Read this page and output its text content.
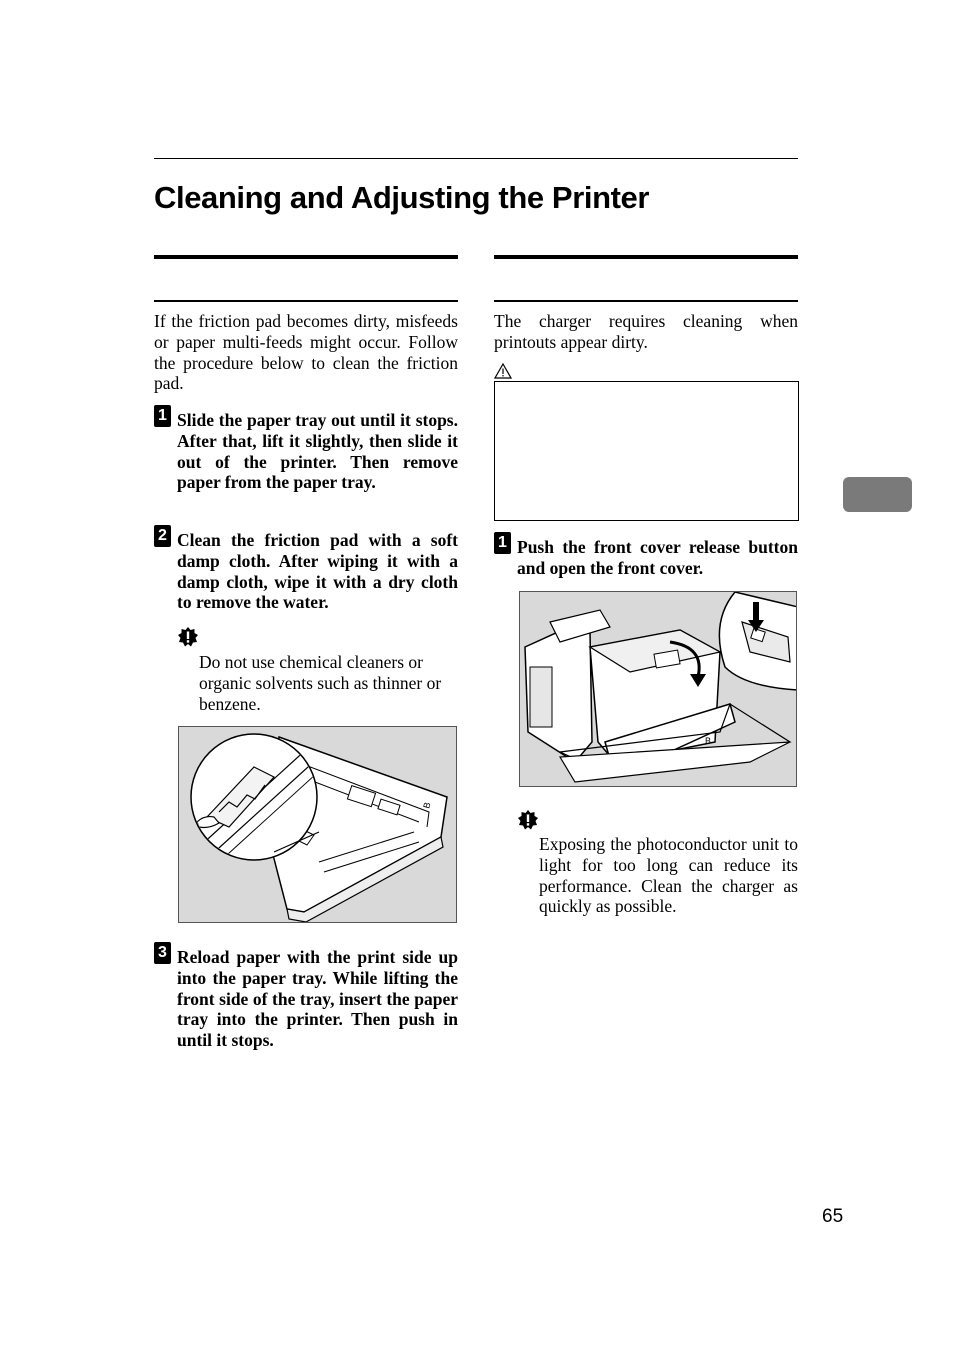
Cleaning and Adjusting the Printer
If the friction pad becomes dirty, misfeeds or paper multi-feeds might occur. Follow the procedure below to clean the friction pad.
1 Slide the paper tray out until it stops. After that, lift it slightly, then slide it out of the printer. Then remove paper from the paper tray.
2 Clean the friction pad with a soft damp cloth. After wiping it with a damp cloth, wipe it with a dry cloth to remove the water.
Do not use chemical cleaners or organic solvents such as thinner or benzene.
B
3 Reload paper with the print side up into the paper tray. While lifting the front side of the tray, insert the paper tray into the printer. Then push in until it stops.
The charger requires cleaning when printouts appear dirty.
1 Push the front cover release button and open the front cover.
B
Exposing the photoconductor unit to light for too long can reduce its performance. Clean the charger as quickly as possible.
65
